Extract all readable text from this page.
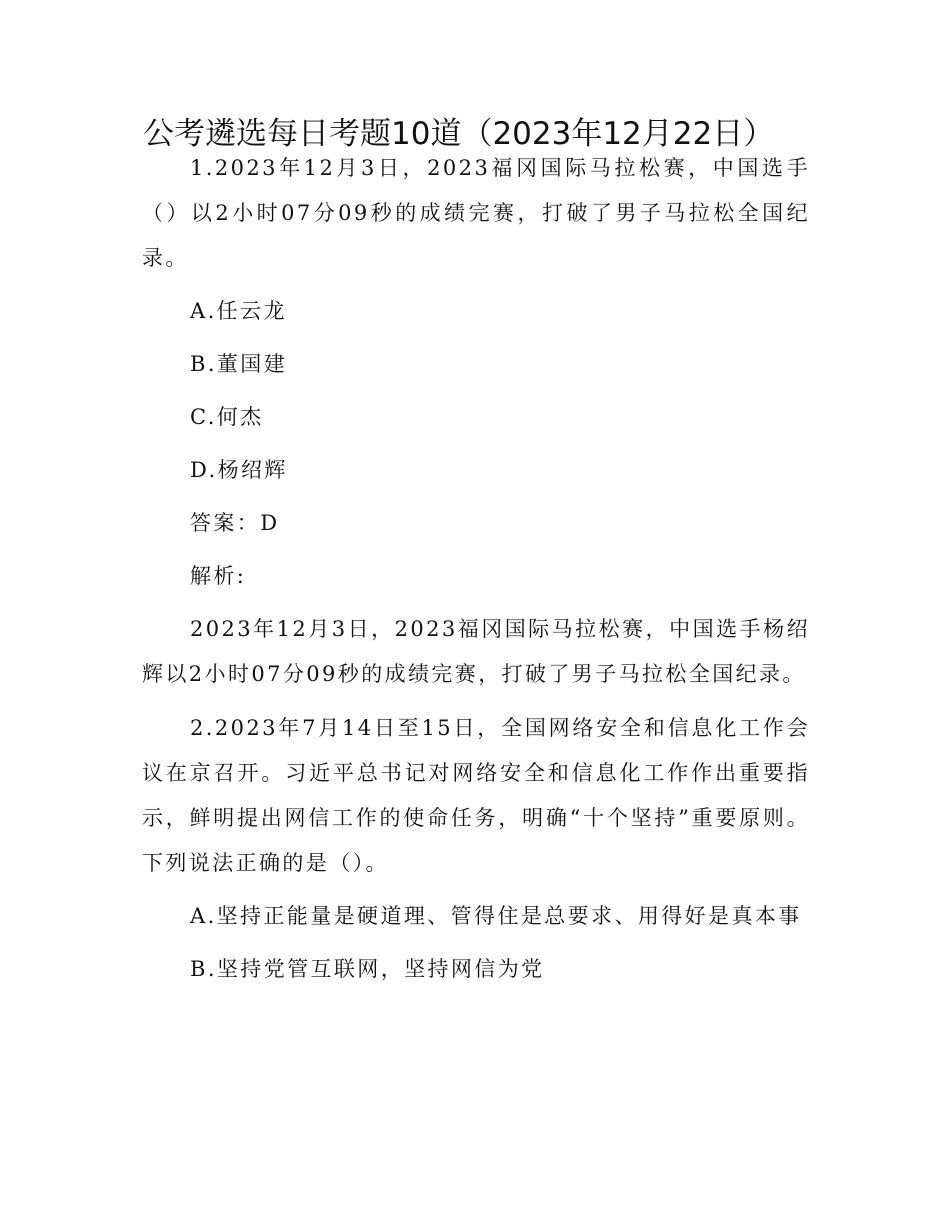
公考遴选每日考题10道（2023年12月22日）

1.2023年12月3日，2023福冈国际马拉松赛，中国选手（）以2小时07分09秒的成绩完赛，打破了男子马拉松全国纪录。

A.任云龙

B.董国建

C.何杰

D.杨绍辉

答案：D

解析:

2023年12月3日，2023福冈国际马拉松赛，中国选手杨绍辉以2小时07分09秒的成绩完赛，打破了男子马拉松全国纪录。

2.2023年7月14日至15日，全国网络安全和信息化工作会议在京召开。习近平总书记对网络安全和信息化工作作出重要指示，鲜明提出网信工作的使命任务，明确“十个坚持”重要原则。下列说法正确的是（）。

A.坚持正能量是硬道理、管得住是总要求、用得好是真本事

B.坚持党管互联网，坚持网信为党
